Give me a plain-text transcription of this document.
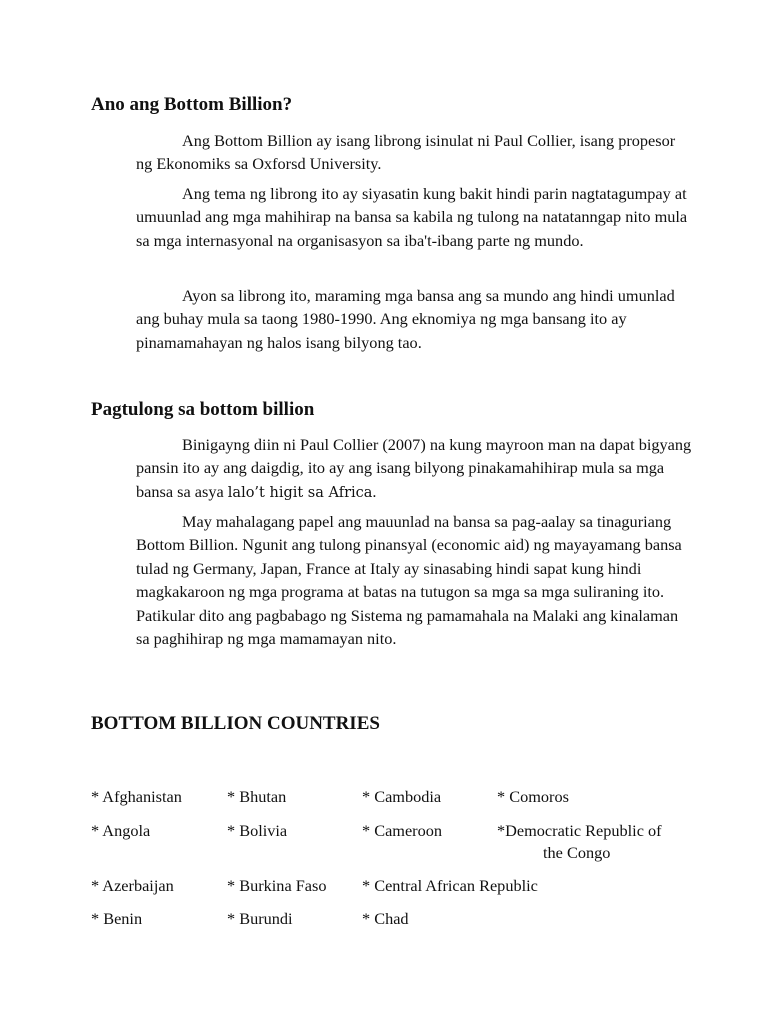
Ano ang Bottom Billion?

Ang Bottom Billion ay isang librong isinulat ni Paul Collier, isang propesor ng Ekonomiks sa Oxforsd University.

Ang tema ng librong ito ay siyasatin kung bakit hindi parin nagtatagumpay at umuunlad ang mga mahihirap na bansa sa kabila ng tulong na natatanngap nito mula sa mga internasyonal na organisasyon sa iba't-ibang parte ng mundo.

Ayon sa librong ito, maraming mga bansa ang sa mundo ang hindi umunlad ang buhay mula sa taong 1980-1990. Ang eknomiya ng mga bansang ito ay pinamamahayan ng halos isang bilyong tao.

Pagtulong sa bottom billion

Binigayng diin ni Paul Collier (2007) na kung mayroon man na dapat bigyang pansin ito ay ang daigdig, ito ay ang isang bilyong pinakamahihirap mula sa mga bansa sa asya lalo’t higit sa Africa.

May mahalagang papel ang mauunlad na bansa sa pag-aalay sa tinaguriang Bottom Billion. Ngunit ang tulong pinansyal (economic aid) ng mayayamang bansa tulad ng Germany, Japan, France at Italy ay sinasabing hindi sapat kung hindi magkakaroon ng mga programa at batas na tutugon sa mga sa mga suliraning ito. Patikular dito ang pagbabago ng Sistema ng pamamahala na Malaki ang kinalaman sa paghihirap ng mga mamamayan nito.

BOTTOM BILLION COUNTRIES
* Afghanistan	* Bhutan	* Cambodia	* Comoros
* Angola	* Bolivia	* Cameroon	*Democratic Republic of
the Congo
* Azerbaijan	* Burkina Faso * Central African Republic
* Benin	* Burundi	* Chad
